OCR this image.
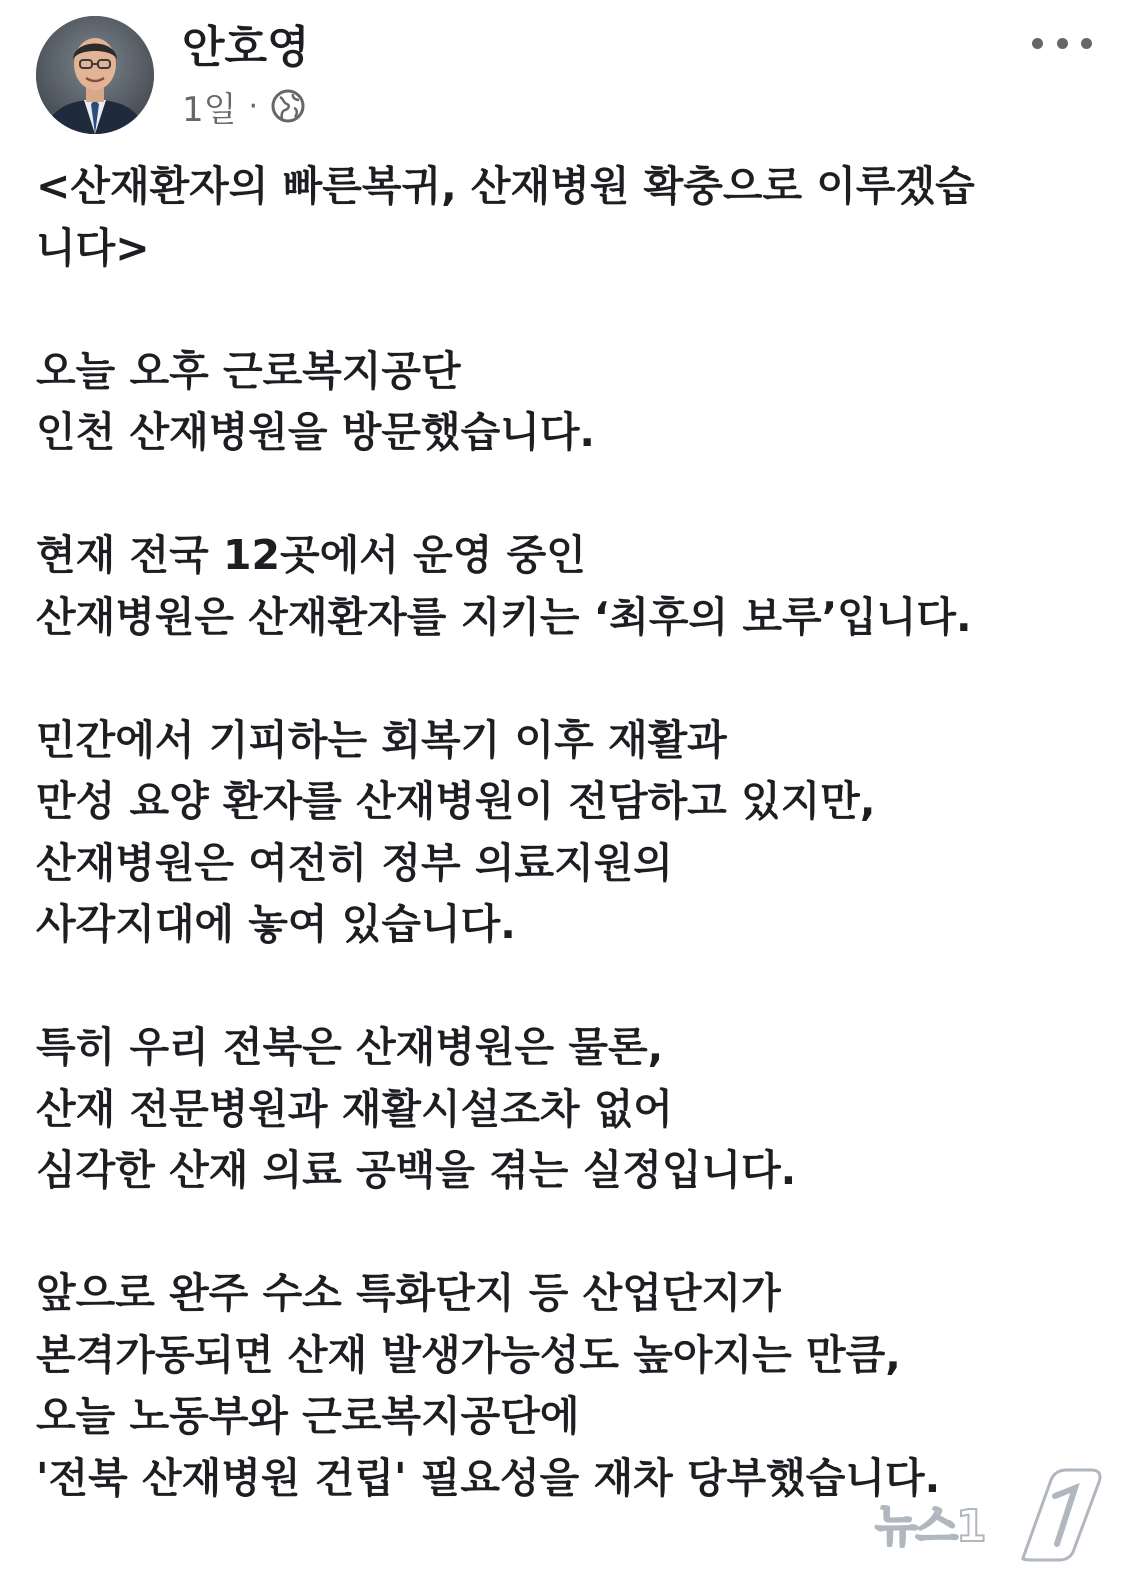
안호영
1일 ·
<산재환자의 빠른복귀, 산재병원 확충으로 이루겠습
니다>

오늘 오후 근로복지공단
인천 산재병원을 방문했습니다.

현재 전국 12곳에서 운영 중인
산재병원은 산재환자를 지키는 ‘최후의 보루’입니다.

민간에서 기피하는 회복기 이후 재활과
만성 요양 환자를 산재병원이 전담하고 있지만,
산재병원은 여전히 정부 의료지원의
사각지대에 놓여 있습니다.

특히 우리 전북은 산재병원은 물론,
산재 전문병원과 재활시설조차 없어
심각한 산재 의료 공백을 겪는 실정입니다.

앞으로 완주 수소 특화단지 등 산업단지가
본격가동되면 산재 발생가능성도 높아지는 만큼,
오늘 노동부와 근로복지공단에
'전북 산재병원 건립' 필요성을 재차 당부했습니다.
뉴스1
